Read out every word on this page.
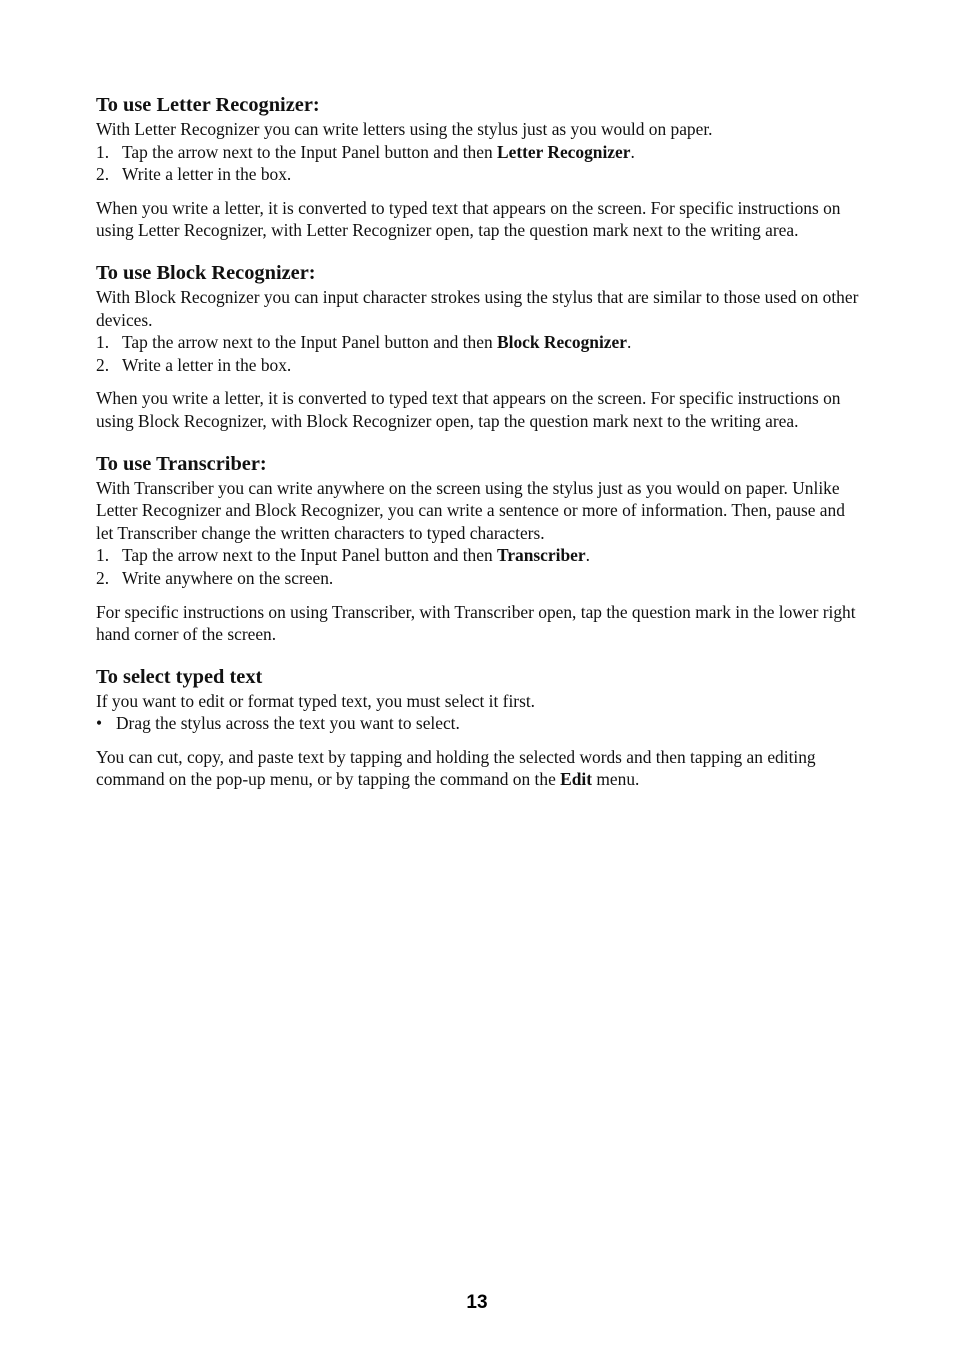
To use Letter Recognizer:

With Letter Recognizer you can write letters using the stylus just as you would on paper.

1. Tap the arrow next to the Input Panel button and then Letter Recognizer.
2. Write a letter in the box.

When you write a letter, it is converted to typed text that appears on the screen. For specific instructions on using Letter Recognizer, with Letter Recognizer open, tap the question mark next to the writing area.

To use Block Recognizer:

With Block Recognizer you can input character strokes using the stylus that are similar to those used on other devices.

1. Tap the arrow next to the Input Panel button and then Block Recognizer.
2. Write a letter in the box.

When you write a letter, it is converted to typed text that appears on the screen. For specific instructions on using Block Recognizer, with Block Recognizer open, tap the question mark next to the writing area.

To use Transcriber:

With Transcriber you can write anywhere on the screen using the stylus just as you would on paper. Unlike Letter Recognizer and Block Recognizer, you can write a sentence or more of information. Then, pause and let Transcriber change the written characters to typed characters.

1. Tap the arrow next to the Input Panel button and then Transcriber.
2. Write anywhere on the screen.

For specific instructions on using Transcriber, with Transcriber open, tap the question mark in the lower right hand corner of the screen.

To select typed text

If you want to edit or format typed text, you must select it first.

• Drag the stylus across the text you want to select.

You can cut, copy, and paste text by tapping and holding the selected words and then tapping an editing command on the pop-up menu, or by tapping the command on the Edit menu.

13
